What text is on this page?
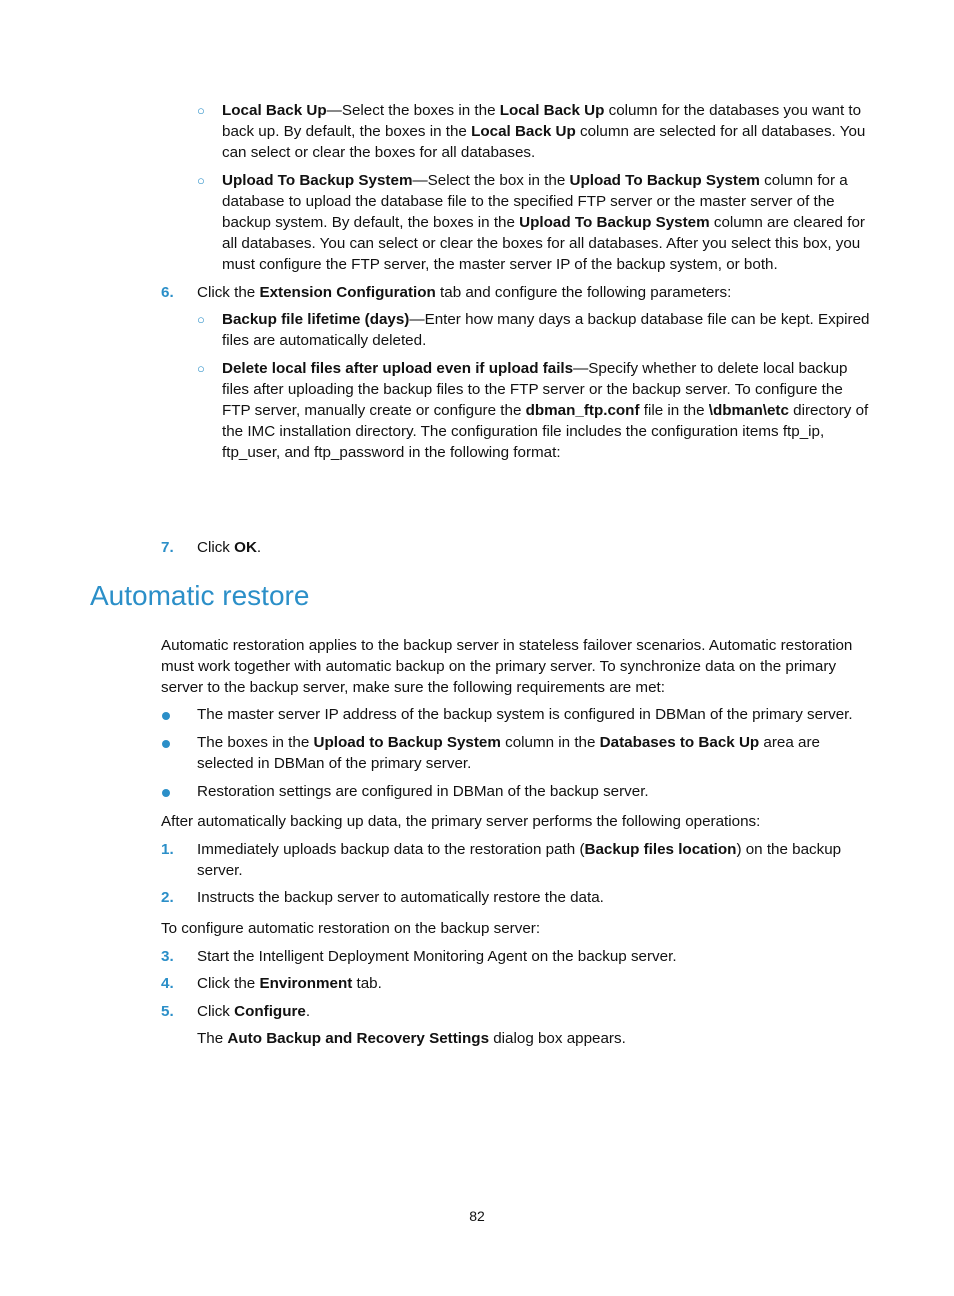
○ Local Back Up—Select the boxes in the Local Back Up column for the databases you want to back up. By default, the boxes in the Local Back Up column are selected for all databases. You can select or clear the boxes for all databases.
○ Upload To Backup System—Select the box in the Upload To Backup System column for a database to upload the database file to the specified FTP server or the master server of the backup system. By default, the boxes in the Upload To Backup System column are cleared for all databases. You can select or clear the boxes for all databases. After you select this box, you must configure the FTP server, the master server IP of the backup system, or both.
6. Click the Extension Configuration tab and configure the following parameters:
○ Backup file lifetime (days)—Enter how many days a backup database file can be kept. Expired files are automatically deleted.
○ Delete local files after upload even if upload fails—Specify whether to delete local backup files after uploading the backup files to the FTP server or the backup server. To configure the FTP server, manually create or configure the dbman_ftp.conf file in the \dbman\etc directory of the IMC installation directory. The configuration file includes the configuration items ftp_ip, ftp_user, and ftp_password in the following format:
7. Click OK.
Automatic restore
Automatic restoration applies to the backup server in stateless failover scenarios. Automatic restoration must work together with automatic backup on the primary server. To synchronize data on the primary server to the backup server, make sure the following requirements are met:
The master server IP address of the backup system is configured in DBMan of the primary server.
The boxes in the Upload to Backup System column in the Databases to Back Up area are selected in DBMan of the primary server.
Restoration settings are configured in DBMan of the backup server.
After automatically backing up data, the primary server performs the following operations:
1. Immediately uploads backup data to the restoration path (Backup files location) on the backup server.
2. Instructs the backup server to automatically restore the data.
To configure automatic restoration on the backup server:
3. Start the Intelligent Deployment Monitoring Agent on the backup server.
4. Click the Environment tab.
5. Click Configure.
The Auto Backup and Recovery Settings dialog box appears.
82
